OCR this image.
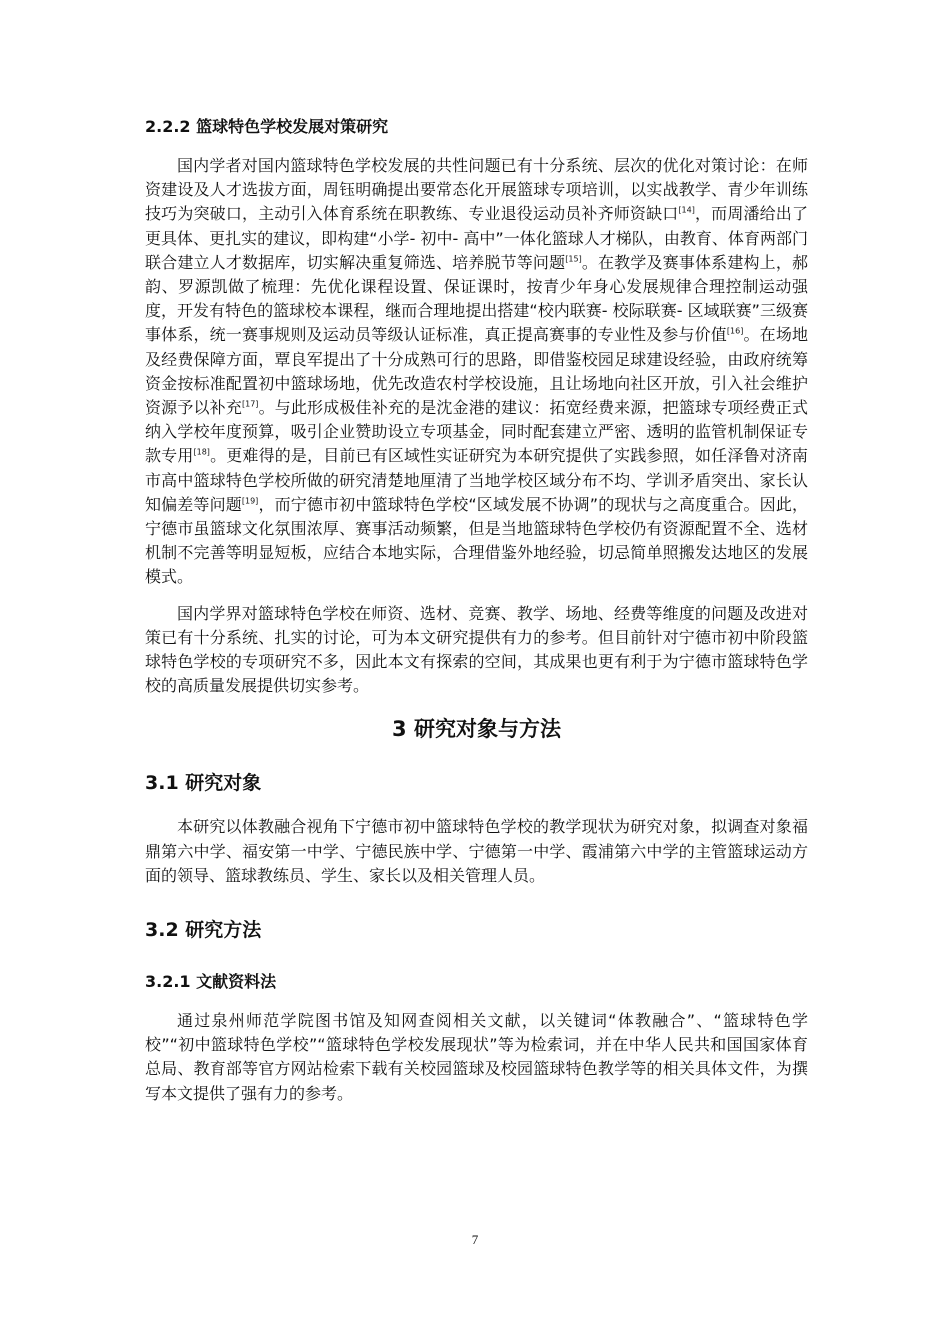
2.2.2 篮球特色学校发展对策研究

国内学者对国内篮球特色学校发展的共性问题已有十分系统、层次的优化对策讨论：在师资建设及人才选拔方面，周钰明确提出要常态化开展篮球专项培训，以实战教学、青少年训练技巧为突破口，主动引入体育系统在职教练、专业退役运动员补齐师资缺口[14]，而周潘给出了更具体、更扎实的建议，即构建“小学- 初中- 高中”一体化篮球人才梯队，由教育、体育两部门联合建立人才数据库，切实解决重复筛选、培养脱节等问题[15]。在教学及赛事体系建构上，郝韵、罗源凯做了梳理：先优化课程设置、保证课时，按青少年身心发展规律合理控制运动强度，开发有特色的篮球校本课程，继而合理地提出搭建“校内联赛- 校际联赛- 区域联赛”三级赛事体系，统一赛事规则及运动员等级认证标准，真正提高赛事的专业性及参与价值[16]。在场地及经费保障方面，覃良军提出了十分成熟可行的思路，即借鉴校园足球建设经验，由政府统筹资金按标准配置初中篮球场地，优先改造农村学校设施，且让场地向社区开放，引入社会维护资源予以补充[17]。与此形成极佳补充的是沈金港的建议：拓宽经费来源，把篮球专项经费正式纳入学校年度预算，吸引企业赞助设立专项基金，同时配套建立严密、透明的监管机制保证专款专用[18]。更难得的是，目前已有区域性实证研究为本研究提供了实践参照，如任泽鲁对济南市高中篮球特色学校所做的研究清楚地厘清了当地学校区域分布不均、学训矛盾突出、家长认知偏差等问题[19]，而宁德市初中篮球特色学校“区域发展不协调”的现状与之高度重合。因此，宁德市虽篮球文化氛围浓厚、赛事活动频繁，但是当地篮球特色学校仍有资源配置不全、选材机制不完善等明显短板，应结合本地实际，合理借鉴外地经验，切忌简单照搬发达地区的发展模式。

国内学界对篮球特色学校在师资、选材、竞赛、教学、场地、经费等维度的问题及改进对策已有十分系统、扎实的讨论，可为本文研究提供有力的参考。但目前针对宁德市初中阶段篮球特色学校的专项研究不多，因此本文有探索的空间，其成果也更有利于为宁德市篮球特色学校的高质量发展提供切实参考。

3 研究对象与方法
3.1 研究对象

本研究以体教融合视角下宁德市初中篮球特色学校的教学现状为研究对象，拟调查对象福鼎第六中学、福安第一中学、宁德民族中学、宁德第一中学、霞浦第六中学的主管篮球运动方面的领导、篮球教练员、学生、家长以及相关管理人员。

3.2 研究方法
3.2.1 文献资料法

通过泉州师范学院图书馆及知网查阅相关文献，以关键词“体教融合”、“篮球特色学校”“初中篮球特色学校”“篮球特色学校发展现状”等为检索词，并在中华人民共和国国家体育总局、教育部等官方网站检索下载有关校园篮球及校园篮球特色教学等的相关具体文件，为撰写本文提供了强有力的参考。

7
